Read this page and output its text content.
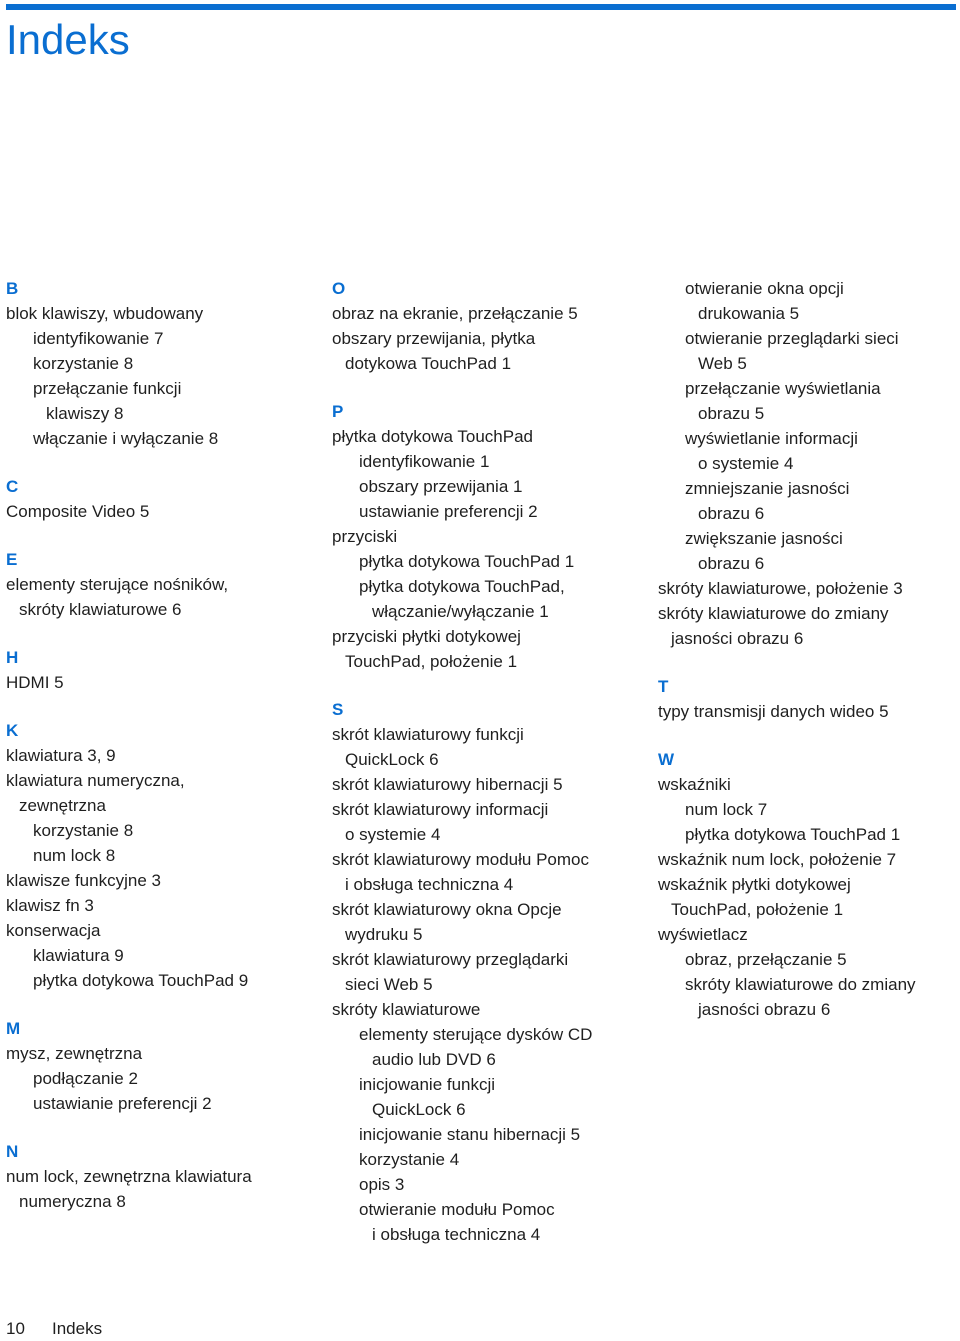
Indeks
B
blok klawiszy, wbudowany
identyfikowanie 7
korzystanie 8
przełączanie funkcji
klawiszy 8
włączanie i wyłączanie 8
C
Composite Video 5
E
elementy sterujące nośników,
skróty klawiaturowe 6
H
HDMI 5
K
klawiatura 3, 9
klawiatura numeryczna,
zewnętrzna
korzystanie 8
num lock 8
klawisze funkcyjne 3
klawisz fn 3
konserwacja
klawiatura 9
płytka dotykowa TouchPad 9
M
mysz, zewnętrzna
podłączanie 2
ustawianie preferencji 2
N
num lock, zewnętrzna klawiatura
numeryczna 8
O
obraz na ekranie, przełączanie 5
obszary przewijania, płytka
dotykowa TouchPad 1
P
płytka dotykowa TouchPad
identyfikowanie 1
obszary przewijania 1
ustawianie preferencji 2
przyciski
płytka dotykowa TouchPad 1
płytka dotykowa TouchPad,
włączanie/wyłączanie 1
przyciski płytki dotykowej
TouchPad, położenie 1
S
skrót klawiaturowy funkcji
QuickLock 6
skrót klawiaturowy hibernacji 5
skrót klawiaturowy informacji
o systemie 4
skrót klawiaturowy modułu Pomoc
i obsługa techniczna 4
skrót klawiaturowy okna Opcje
wydruku 5
skrót klawiaturowy przeglądarki
sieci Web 5
skróty klawiaturowe
elementy sterujące dysków CD
audio lub DVD 6
inicjowanie funkcji
QuickLock 6
inicjowanie stanu hibernacji 5
korzystanie 4
opis 3
otwieranie modułu Pomoc
i obsługa techniczna 4
otwieranie okna opcji
drukowania 5
otwieranie przeglądarki sieci
Web 5
przełączanie wyświetlania
obrazu 5
wyświetlanie informacji
o systemie 4
zmniejszanie jasności
obrazu 6
zwiększanie jasności
obrazu 6
skróty klawiaturowe, położenie 3
skróty klawiaturowe do zmiany
jasności obrazu 6
T
typy transmisji danych wideo 5
W
wskaźniki
num lock 7
płytka dotykowa TouchPad 1
wskaźnik num lock, położenie 7
wskaźnik płytki dotykowej
TouchPad, położenie 1
wyświetlacz
obraz, przełączanie 5
skróty klawiaturowe do zmiany
jasności obrazu 6
10 Indeks
